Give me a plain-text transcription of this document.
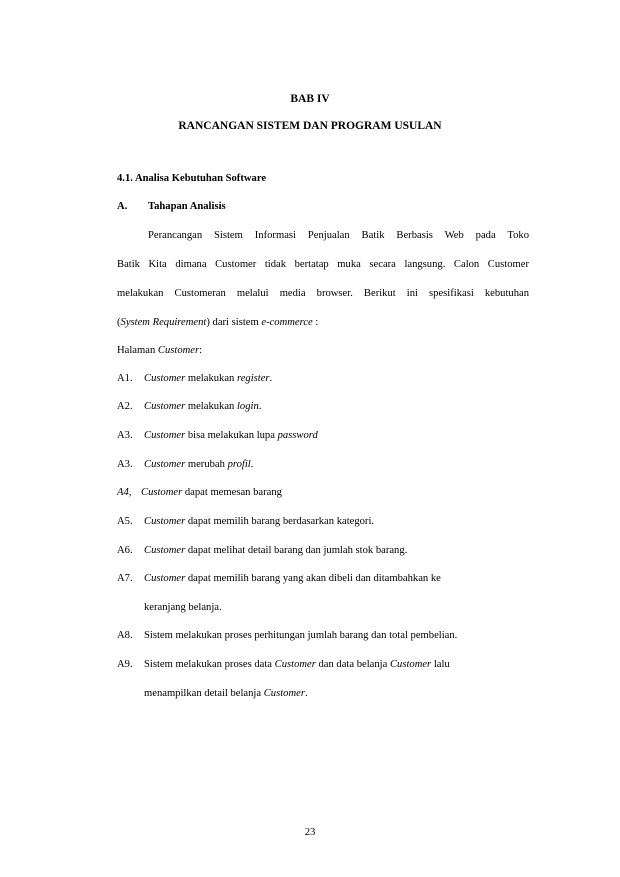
BAB IV
RANCANGAN SISTEM DAN PROGRAM USULAN
4.1. Analisa Kebutuhan Software
A. Tahapan Analisis
Perancangan Sistem Informasi Penjualan Batik Berbasis Web pada Toko
Batik Kita dimana Customer tidak bertatap muka secara langsung. Calon Customer
melakukan Customeran melalui media browser. Berikut ini spesifikasi kebutuhan
(System Requirement) dari sistem e-commerce :
Halaman Customer:
A1. Customer melakukan register.
A2. Customer melakukan login.
A3. Customer bisa melakukan lupa password
A3. Customer merubah profil.
A4, Customer dapat memesan barang
A5. Customer dapat memilih barang berdasarkan kategori.
A6. Customer dapat melihat detail barang dan jumlah stok barang.
A7. Customer dapat memilih barang yang akan dibeli dan ditambahkan ke
keranjang belanja.
A8. Sistem melakukan proses perhitungan jumlah barang dan total pembelian.
A9. Sistem melakukan proses data Customer dan data belanja Customer lalu
menampilkan detail belanja Customer.
23
